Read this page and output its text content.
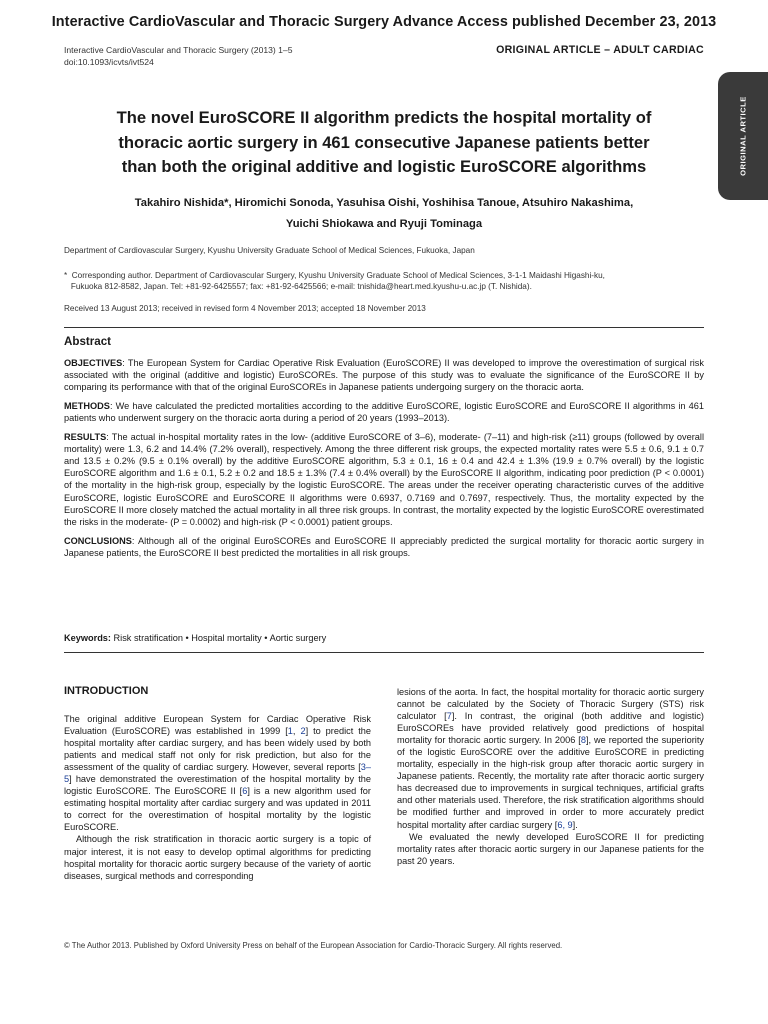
Interactive CardioVascular and Thoracic Surgery Advance Access published December 23, 2013
Interactive CardioVascular and Thoracic Surgery (2013) 1–5
doi:10.1093/icvts/ivt524
ORIGINAL ARTICLE – ADULT CARDIAC
ORIGINAL ARTICLE
The novel EuroSCORE II algorithm predicts the hospital mortality of
thoracic aortic surgery in 461 consecutive Japanese patients better
than both the original additive and logistic EuroSCORE algorithms
Takahiro Nishida*, Hiromichi Sonoda, Yasuhisa Oishi, Yoshihisa Tanoue, Atsuhiro Nakashima,
Yuichi Shiokawa and Ryuji Tominaga
Department of Cardiovascular Surgery, Kyushu University Graduate School of Medical Sciences, Fukuoka, Japan
*  Corresponding author. Department of Cardiovascular Surgery, Kyushu University Graduate School of Medical Sciences, 3-1-1 Maidashi Higashi-ku,
Fukuoka 812-8582, Japan. Tel: +81-92-6425557; fax: +81-92-6425566; e-mail: tnishida@heart.med.kyushu-u.ac.jp (T. Nishida).
Received 13 August 2013; received in revised form 4 November 2013; accepted 18 November 2013
Abstract

OBJECTIVES: The European System for Cardiac Operative Risk Evaluation (EuroSCORE) II was developed to improve the overestimation of surgical risk associated with the original (additive and logistic) EuroSCOREs. The purpose of this study was to evaluate the significance of the EuroSCORE II by comparing its performance with that of the original EuroSCOREs in Japanese patients undergoing surgery on the thoracic aorta.

METHODS: We have calculated the predicted mortalities according to the additive EuroSCORE, logistic EuroSCORE and EuroSCORE II algorithms in 461 patients who underwent surgery on the thoracic aorta during a period of 20 years (1993–2013).

RESULTS: The actual in-hospital mortality rates in the low- (additive EuroSCORE of 3–6), moderate- (7–11) and high-risk (≥11) groups (followed by overall mortality) were 1.3, 6.2 and 14.4% (7.2% overall), respectively. Among the three different risk groups, the expected mortality rates were 5.5 ± 0.6, 9.1 ± 0.7 and 13.5 ± 0.2% (9.5 ± 0.1% overall) by the additive EuroSCORE algorithm, 5.3 ± 0.1, 16 ± 0.4 and 42.4 ± 1.3% (19.9 ± 0.7% overall) by the logistic EuroSCORE algorithm and 1.6 ± 0.1, 5.2 ± 0.2 and 18.5 ± 1.3% (7.4 ± 0.4% overall) by the EuroSCORE II algorithm, indicating poor prediction (P < 0.0001) of the mortality in the high-risk group, especially by the logistic EuroSCORE. The areas under the receiver operating characteristic curves of the additive EuroSCORE, logistic EuroSCORE and EuroSCORE II algorithms were 0.6937, 0.7169 and 0.7697, respectively. Thus, the mortality expected by the EuroSCORE II more closely matched the actual mortality in all three risk groups. In contrast, the mortality expected by the logistic EuroSCORE overestimated the risks in the moderate- (P = 0.0002) and high-risk (P < 0.0001) patient groups.

CONCLUSIONS: Although all of the original EuroSCOREs and EuroSCORE II appreciably predicted the surgical mortality for thoracic aortic surgery in Japanese patients, the EuroSCORE II best predicted the mortalities in all risk groups.

Keywords: Risk stratification • Hospital mortality • Aortic surgery
INTRODUCTION

The original additive European System for Cardiac Operative Risk Evaluation (EuroSCORE) was established in 1999 [1, 2] to predict the hospital mortality after cardiac surgery, and has been widely used by both patients and medical staff not only for risk prediction, but also for the assessment of the quality of cardiac surgery. However, several reports [3–5] have demonstrated the overestimation of the hospital mortality by the logistic EuroSCORE. The EuroSCORE II [6] is a new algorithm used for estimating hospital mortality after cardiac surgery and was updated in 2011 to correct for the overestimation of hospital mortality by the logistic EuroSCORE.

Although the risk stratification in thoracic aortic surgery is a topic of major interest, it is not easy to develop optimal algorithms for predicting hospital mortality for thoracic aortic surgery because of the variety of aortic diseases, surgical methods and corresponding

lesions of the aorta. In fact, the hospital mortality for thoracic aortic surgery cannot be calculated by the Society of Thoracic Surgery (STS) risk calculator [7]. In contrast, the original (both additive and logistic) EuroSCOREs have provided relatively good predictions of hospital mortality for thoracic aortic surgery. In 2006 [8], we reported the superiority of the logistic EuroSCORE over the additive EuroSCORE in predicting mortality, especially in the high-risk group after thoracic aortic surgery in Japanese patients. Recently, the mortality rate after thoracic aortic surgery has decreased due to improvements in surgical techniques, artificial grafts and other materials used. Therefore, the risk stratification algorithms should be modified further and improved in order to more accurately predict hospital mortality after cardiac surgery [6, 9].

We evaluated the newly developed EuroSCORE II for predicting mortality rates after thoracic aortic surgery in our Japanese patients for the past 20 years.

© The Author 2013. Published by Oxford University Press on behalf of the European Association for Cardio-Thoracic Surgery. All rights reserved.
